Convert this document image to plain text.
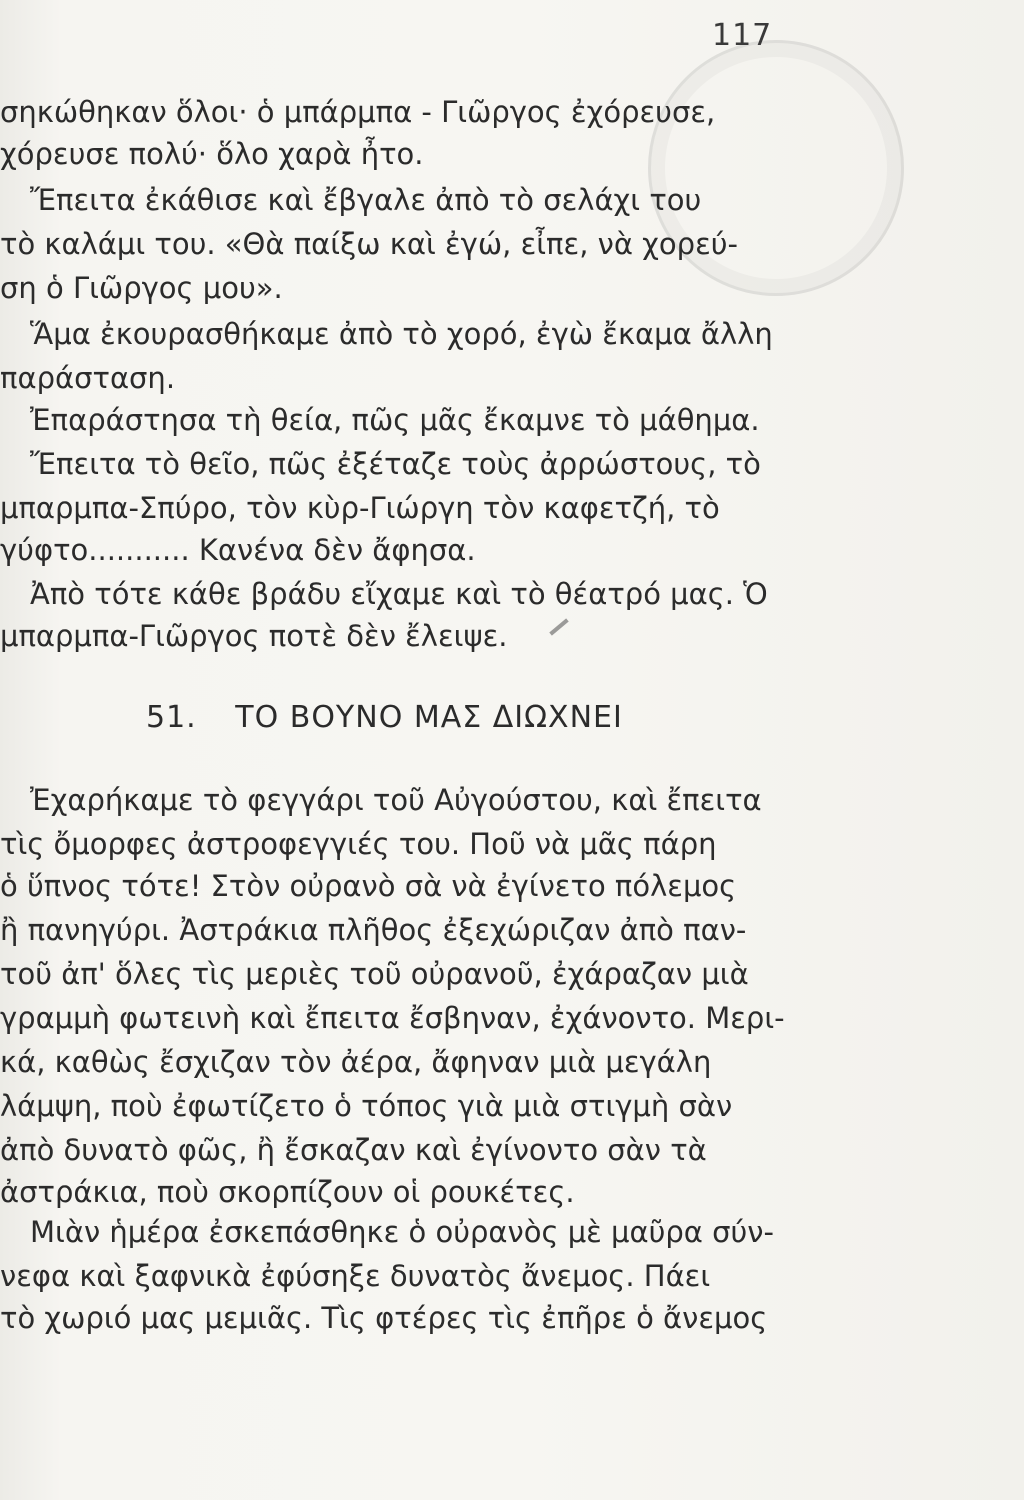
117
σηκώθηκαν ὅλοι· ὁ μπάρμπα - Γιῶργος ἐχόρευσε,
χόρευσε πολύ· ὅλο χαρὰ ἦτο.
Ἔπειτα ἐκάθισε καὶ ἔβγαλε ἀπὸ τὸ σελάχι του
τὸ καλάμι του. «Θὰ παίξω καὶ ἐγώ, εἶπε, νὰ χορεύ-
ση ὁ Γιῶργος μου».
Ἅμα ἐκουρασθήκαμε ἀπὸ τὸ χορό, ἐγὼ ἔκαμα ἄλλη
παράσταση.
Ἐπαράστησα τὴ θεία, πῶς μᾶς ἔκαμνε τὸ μάθημα.
Ἔπειτα τὸ θεῖο, πῶς ἐξέταζε τοὺς ἀρρώστους, τὸ
μπαρμπα-Σπύρο, τὸν κὺρ-Γιώργη τὸν καφετζή, τὸ
γύφτο........... Κανένα δὲν ἄφησα.
Ἀπὸ τότε κάθε βράδυ εἴχαμε καὶ τὸ θέατρό μας. Ὁ
μπαρμπα-Γιῶργος ποτὲ δὲν ἔλειψε.
51. ΤΟ ΒΟΥΝΟ ΜΑΣ ΔΙΩΧΝΕΙ
Ἐχαρήκαμε τὸ φεγγάρι τοῦ Αὐγούστου, καὶ ἔπειτα
τὶς ὄμορφες ἀστροφεγγιές του. Ποῦ νὰ μᾶς πάρη
ὁ ὕπνος τότε! Στὸν οὐρανὸ σὰ νὰ ἐγίνετο πόλεμος
ἢ πανηγύρι. Ἀστράκια πλῆθος ἐξεχώριζαν ἀπὸ παν-
τοῦ ἀπ' ὅλες τὶς μεριὲς τοῦ οὐρανοῦ, ἐχάραζαν μιὰ
γραμμὴ φωτεινὴ καὶ ἔπειτα ἔσβηναν, ἐχάνοντο. Μερι-
κά, καθὼς ἔσχιζαν τὸν ἀέρα, ἄφηναν μιὰ μεγάλη
λάμψη, ποὺ ἐφωτίζετο ὁ τόπος γιὰ μιὰ στιγμὴ σὰν
ἀπὸ δυνατὸ φῶς, ἢ ἔσκαζαν καὶ ἐγίνοντο σὰν τὰ
ἀστράκια, ποὺ σκορπίζουν οἱ ρουκέτες.
Μιὰν ἡμέρα ἐσκεπάσθηκε ὁ οὐρανὸς μὲ μαῦρα σύν-
νεφα καὶ ξαφνικὰ ἐφύσηξε δυνατὸς ἄνεμος. Πάει
τὸ χωριό μας μεμιᾶς. Τὶς φτέρες τὶς ἐπῆρε ὁ ἄνεμος
